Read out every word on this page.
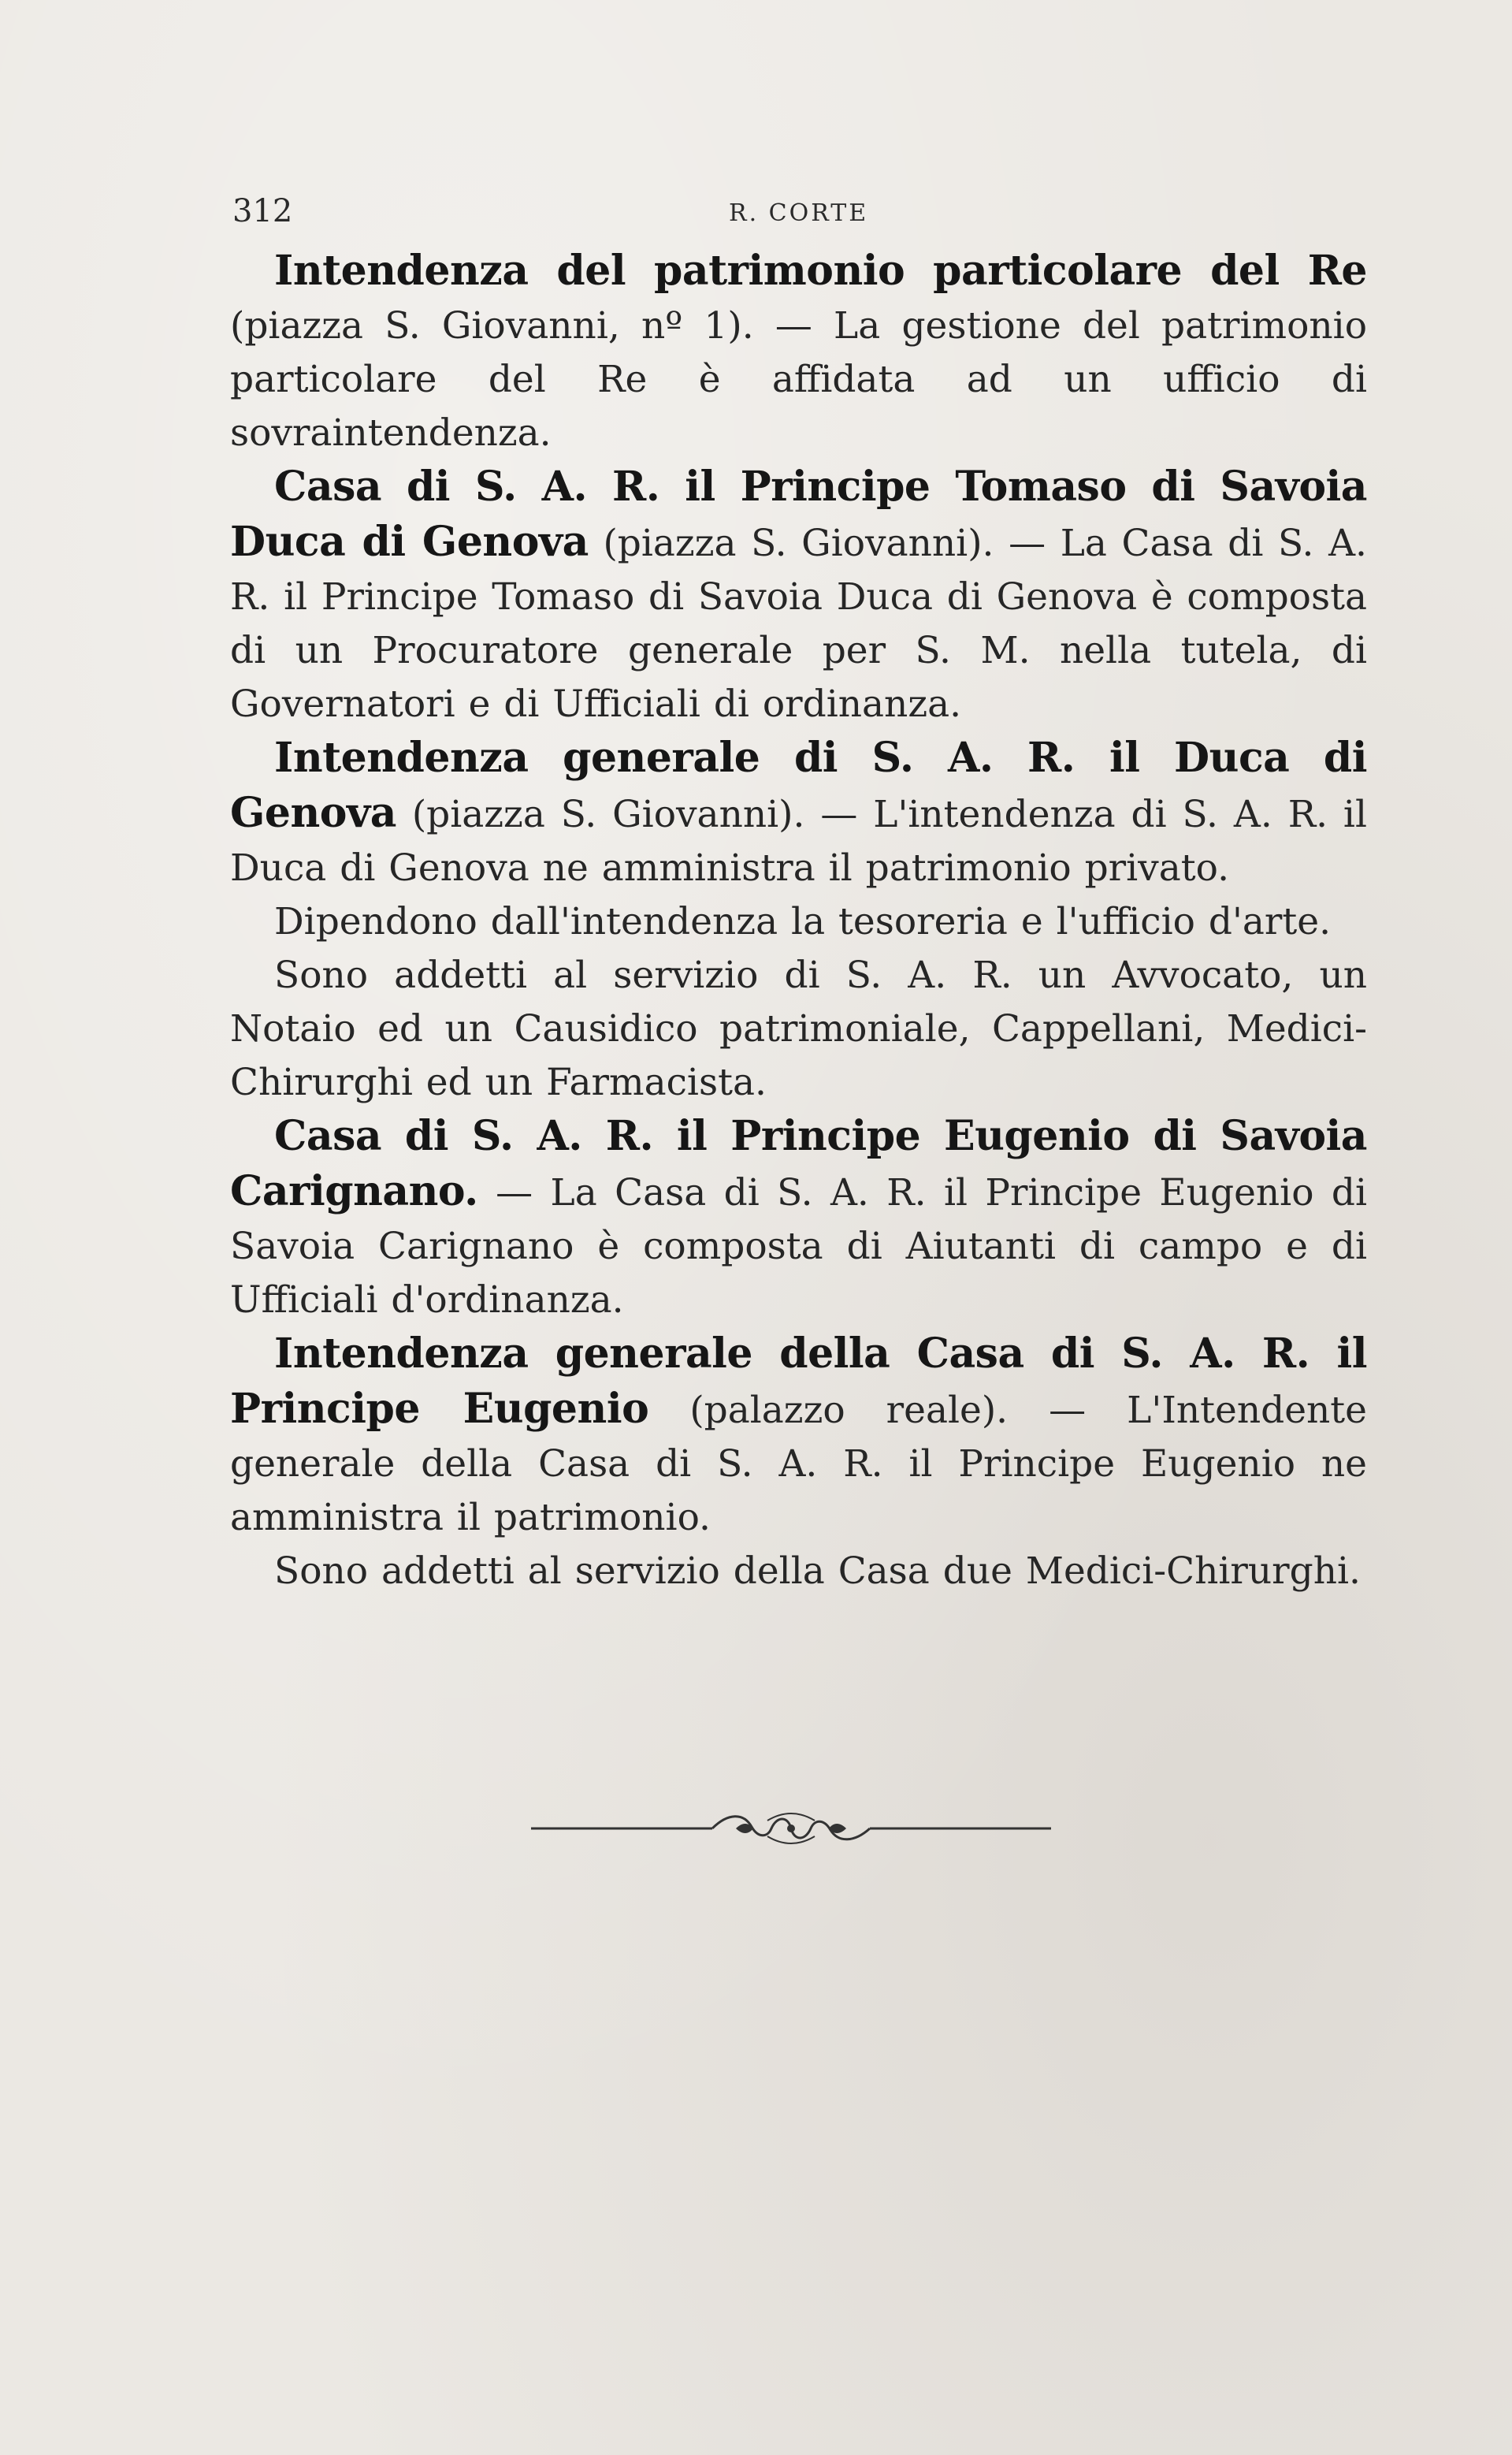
312	R. CORTE

Intendenza del patrimonio particolare del Re (piazza S. Giovanni, nº 1). — La gestione del patrimonio particolare del Re è affidata ad un ufficio di sovraintendenza.

Casa di S. A. R. il Principe Tomaso di Savoia Duca di Genova (piazza S. Giovanni). — La Casa di S. A. R. il Principe Tomaso di Savoia Duca di Genova è composta di un Procuratore generale per S. M. nella tutela, di Governatori e di Ufficiali di ordinanza.

Intendenza generale di S. A. R. il Duca di Genova (piazza S. Giovanni). — L'intendenza di S. A. R. il Duca di Genova ne amministra il patrimonio privato.

Dipendono dall'intendenza la tesoreria e l'ufficio d'arte.

Sono addetti al servizio di S. A. R. un Avvocato, un Notaio ed un Causidico patrimoniale, Cappellani, Medici-Chirurghi ed un Farmacista.

Casa di S. A. R. il Principe Eugenio di Savoia Carignano. — La Casa di S. A. R. il Principe Eugenio di Savoia Carignano è composta di Aiutanti di campo e di Ufficiali d'ordinanza.

Intendenza generale della Casa di S. A. R. il Principe Eugenio (palazzo reale). — L'Intendente generale della Casa di S. A. R. il Principe Eugenio ne amministra il patrimonio.

Sono addetti al servizio della Casa due Medici-Chirurghi.
